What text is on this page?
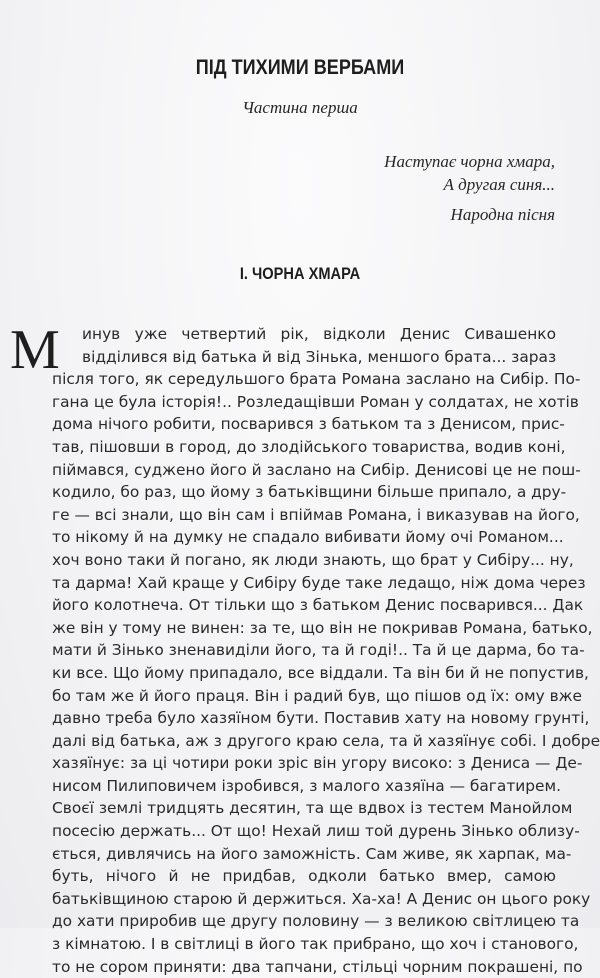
ПІД ТИХИМИ ВЕРБАМИ
Частина перша
Наступає чорна хмара,
А другая синя...
Народна пісня
І. ЧОРНА ХМАРА
М инув уже четвертий рік, відколи Денис Сивашенко
відділився від батька й від Зінька, меншого брата... зараз
після того, як середульшого брата Романа заслано на Сибір. По-
гана це була історія!.. Розледащівши Роман у солдатах, не хотів
дома нічого робити, посварився з батьком та з Денисом, прис-
тав, пішовши в город, до злодійського товариства, водив коні,
піймався, суджено його й заслано на Сибір. Денисові це не пош-
кодило, бо раз, що йому з батьківщини більше припало, а дру-
ге — всі знали, що він сам і впіймав Романа, і виказував на його,
то нікому й на думку не спадало вибивати йому очі Романом...
хоч воно таки й погано, як люди знають, що брат у Сибіру... ну,
та дарма! Хай краще у Сибіру буде таке ледащо, ніж дома через
його колотнеча. От тільки що з батьком Денис посварився... Дак
же він у тому не винен: за те, що він не покривав Романа, батько,
мати й Зінько зненавиділи його, та й годі!.. Та й це дарма, бо та-
ки все. Що йому припадало, все віддали. Та він би й не попустив,
бо там же й його праця. Він і радий був, що пішов од їх: ому вже
давно треба було хазяїном бути. Поставив хату на новому грунті,
далі від батька, аж з другого краю села, та й хазяїнує собі. І добре
хазяїнує: за ці чотири роки зріс він угору високо: з Дениса — Де-
нисом Пилиповичем ізробився, з малого хазяїна — багатирем.
Своєї землі тридцять десятин, та ще вдвох із тестем Манойлом
посесію держать... От що! Нехай лиш той дурень Зінько облизу-
ється, дивлячись на його заможність. Сам живе, як харпак, ма-
буть, нічого й не придбав, одколи батько вмер, самою
батьківщиною старою й держиться. Ха-ха! А Денис он цього року
до хати приробив ще другу половину — з великою світлицею та
з кімнатою. І в світлиці в його так прибрано, що хоч і станового,
то не сором приняти: два тапчани, стільці чорним покрашені, по
